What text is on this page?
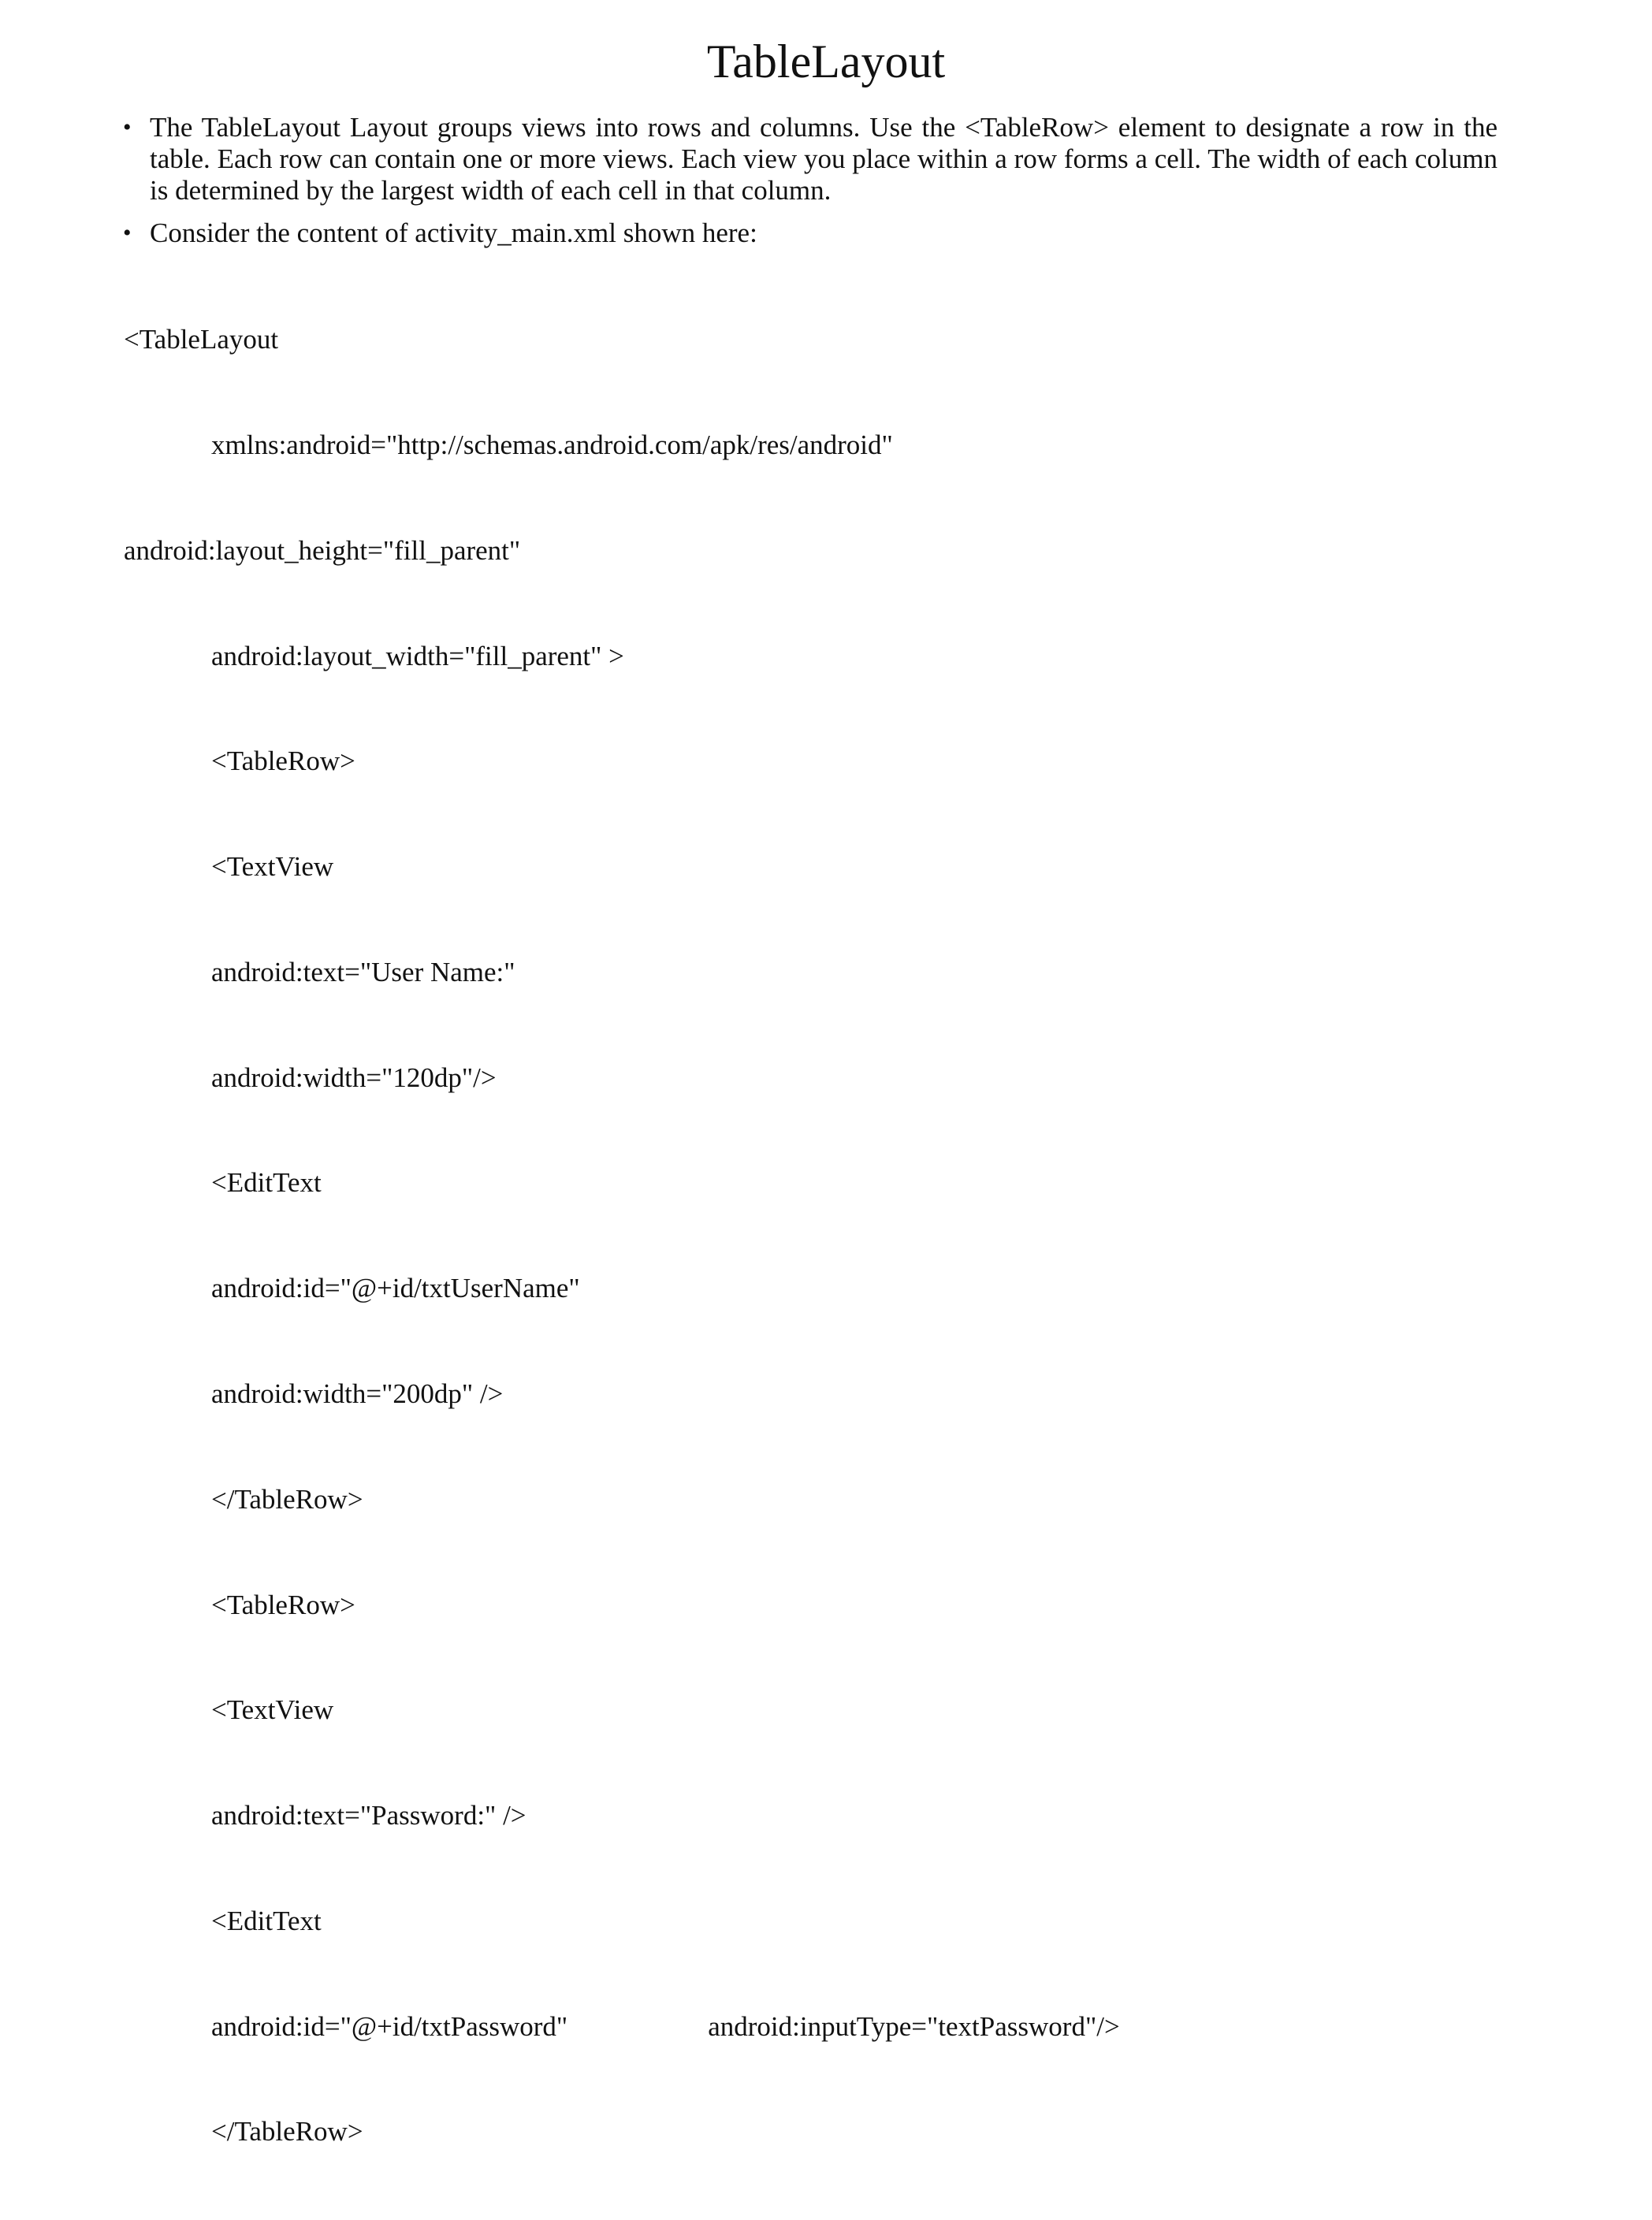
TableLayout
• The TableLayout Layout groups views into rows and columns. Use the <TableRow> element to designate a row in the table. Each row can contain one or more views. Each view you place within a row forms a cell. The width of each column is determined by the largest width of each cell in that column.
• Consider the content of activity_main.xml shown here:

<TableLayout

xmlns:android="http://schemas.android.com/apk/res/android"

android:layout_height="fill_parent"

android:layout_width="fill_parent" >

<TableRow>

<TextView

android:text="User Name:"

android:width="120dp"/>

<EditText

android:id="@+id/txtUserName"

android:width="200dp" />

</TableRow>

<TableRow>

<TextView

android:text="Password:" />

<EditText

android:id="@+id/txtPassword"	android:inputType="textPassword"/>

</TableRow>
